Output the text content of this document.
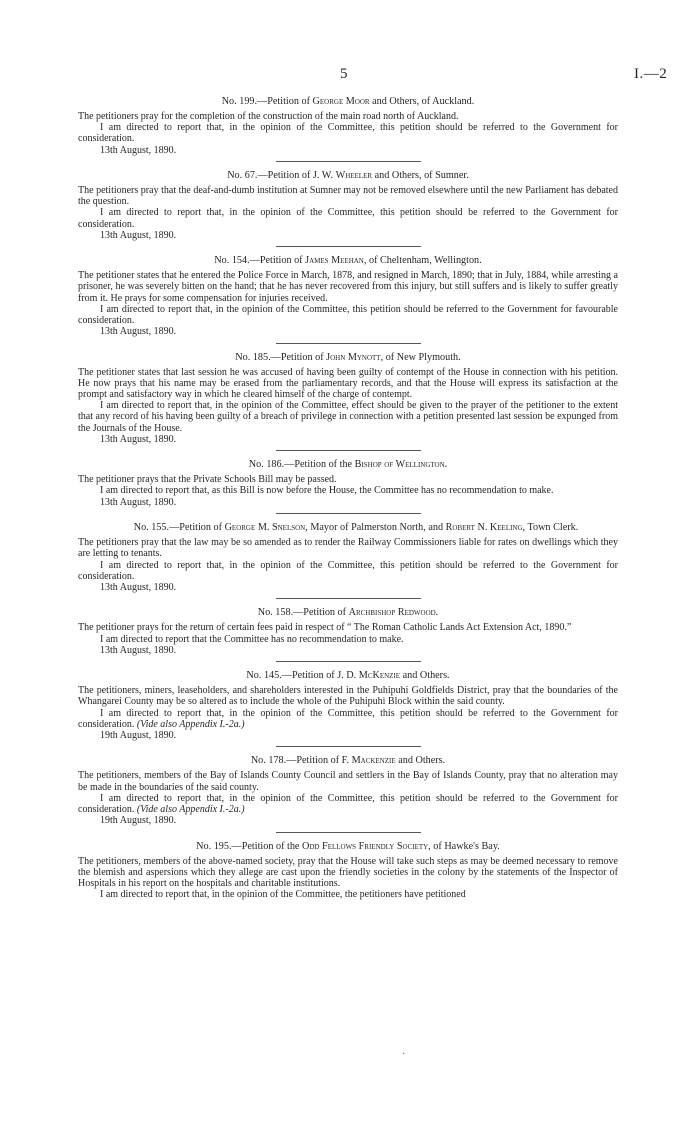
5	I.—2
No. 199.—Petition of George Moor and Others, of Auckland.

The petitioners pray for the completion of the construction of the main road north of Auckland.

I am directed to report that, in the opinion of the Committee, this petition should be referred to the Government for consideration.

13th August, 1890.
No. 67.—Petition of J. W. Wheeler and Others, of Sumner.

The petitioners pray that the deaf-and-dumb institution at Sumner may not be removed elsewhere until the new Parliament has debated the question.

I am directed to report that, in the opinion of the Committee, this petition should be referred to the Government for consideration.

13th August, 1890.
No. 154.—Petition of James Meehan, of Cheltenham, Wellington.

The petitioner states that he entered the Police Force in March, 1878, and resigned in March, 1890; that in July, 1884, while arresting a prisoner, he was severely bitten on the hand; that he has never recovered from this injury, but still suffers and is likely to suffer greatly from it. He prays for some compensation for injuries received.

I am directed to report that, in the opinion of the Committee, this petition should be referred to the Government for favourable consideration.

13th August, 1890.
No. 185.—Petition of John Mynott, of New Plymouth.

The petitioner states that last session he was accused of having been guilty of contempt of the House in connection with his petition. He now prays that his name may be erased from the parliamentary records, and that the House will express its satisfaction at the prompt and satisfactory way in which he cleared himself of the charge of contempt.

I am directed to report that, in the opinion of the Committee, effect should be given to the prayer of the petitioner to the extent that any record of his having been guilty of a breach of privilege in connection with a petition presented last session be expunged from the Journals of the House.

13th August, 1890.
No. 186.—Petition of the Bishop of Wellington.

The petitioner prays that the Private Schools Bill may be passed.

I am directed to report that, as this Bill is now before the House, the Committee has no recommendation to make.

13th August, 1890.
No. 155.—Petition of George M. Snelson, Mayor of Palmerston North, and Robert N. Keeling, Town Clerk.

The petitioners pray that the law may be so amended as to render the Railway Commissioners liable for rates on dwellings which they are letting to tenants.

I am directed to report that, in the opinion of the Committee, this petition should be referred to the Government for consideration.

13th August, 1890.
No. 158.—Petition of Archbishop Redwood.

The petitioner prays for the return of certain fees paid in respect of “ The Roman Catholic Lands Act Extension Act, 1890.”

I am directed to report that the Committee has no recommendation to make.

13th August, 1890.
No. 145.—Petition of J. D. McKenzie and Others.

The petitioners, miners, leaseholders, and shareholders interested in the Puhipuhi Goldfields District, pray that the boundaries of the Whangarei County may be so altered as to include the whole of the Puhipuhi Block within the said county.

I am directed to report that, in the opinion of the Committee, this petition should be referred to the Government for consideration. (Vide also Appendix I.-2a.)

19th August, 1890.
No. 178.—Petition of F. Mackenzie and Others.

The petitioners, members of the Bay of Islands County Council and settlers in the Bay of Islands County, pray that no alteration may be made in the boundaries of the said county.

I am directed to report that, in the opinion of the Committee, this petition should be referred to the Government for consideration. (Vide also Appendix I.-2a.)

19th August, 1890.
No. 195.—Petition of the Odd Fellows Friendly Society, of Hawke's Bay.

The petitioners, members of the above-named society, pray that the House will take such steps as may be deemed necessary to remove the blemish and aspersions which they allege are cast upon the friendly societies in the colony by the statements of the Inspector of Hospitals in his report on the hospitals and charitable institutions.

I am directed to report that, in the opinion of the Committee, the petitioners have petitioned

·
